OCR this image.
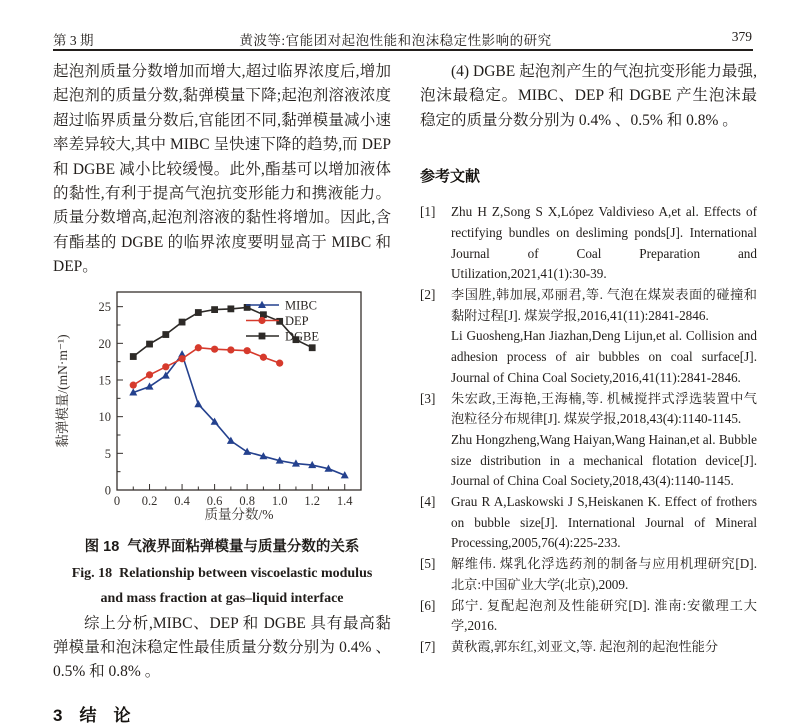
第 3 期	黄波等:官能团对起泡性能和泡沫稳定性影响的研究	379

起泡剂质量分数增加而增大,超过临界浓度后,增加起泡剂的质量分数,黏弹模量下降;起泡剂溶液浓度超过临界质量分数后,官能团不同,黏弹模量减小速率差异较大,其中 MIBC 呈快速下降的趋势,而 DEP 和 DGBE 减小比较缓慢。此外,酯基可以增加液体的黏性,有利于提高气泡抗变形能力和携液能力。质量分数增高,起泡剂溶液的黏性将增加。因此,含有酯基的 DGBE 的临界浓度要明显高于 MIBC 和 DEP。

0 0.2 0.4 0.6 0.8 1.0 1.2 1.4
0
5
10
15
20
25	MIBC
DEP
DGBE
质量分数/%
黏弹模量/(mN·m⁻¹)
图 18  气液界面粘弹模量与质量分数的关系
Fig. 18  Relationship between viscoelastic modulus
and mass fraction at gas–liquid interface

综上分析,MIBC、DEP 和 DGBE 具有最高黏弹模量和泡沫稳定性最佳质量分数分别为 0.4% 、0.5% 和 0.8% 。

3　结　论

(4) DGBE 起泡剂产生的气泡抗变形能力最强,泡沫最稳定。MIBC、DEP 和 DGBE 产生泡沫最稳定的质量分数分别为 0.4% 、0.5% 和 0.8% 。

参考文献
[1] Zhu H Z,Song S X,López Valdivieso A,et al. Effects of rectifying bundles on desliming ponds[J]. International Journal of Coal Preparation and Utilization,2021,41(1):30-39.
[2] 李国胜,韩加展,邓丽君,等. 气泡在煤炭表面的碰撞和黏附过程[J]. 煤炭学报,2016,41(11):2841-2846.
Li Guosheng,Han Jiazhan,Deng Lijun,et al. Collision and adhesion process of air bubbles on coal surface[J]. Journal of China Coal Society,2016,41(11):2841-2846.
[3] 朱宏政,王海艳,王海楠,等. 机械搅拌式浮选装置中气泡粒径分布规律[J]. 煤炭学报,2018,43(4):1140-1145.
Zhu Hongzheng,Wang Haiyan,Wang Hainan,et al. Bubble size distribution in a mechanical flotation device[J]. Journal of China Coal Society,2018,43(4):1140-1145.
[4] Grau R A,Laskowski J S,Heiskanen K. Effect of frothers on bubble size[J]. International Journal of Mineral Processing,2005,76(4):225-233.
[5] 解维伟. 煤乳化浮选药剂的制备与应用机理研究[D]. 北京:中国矿业大学(北京),2009.
[6] 邱宁. 复配起泡剂及性能研究[D]. 淮南:安徽理工大学,2016.
[7] 黄秋霞,郭东红,刘亚文,等. 起泡剂的起泡性能分
